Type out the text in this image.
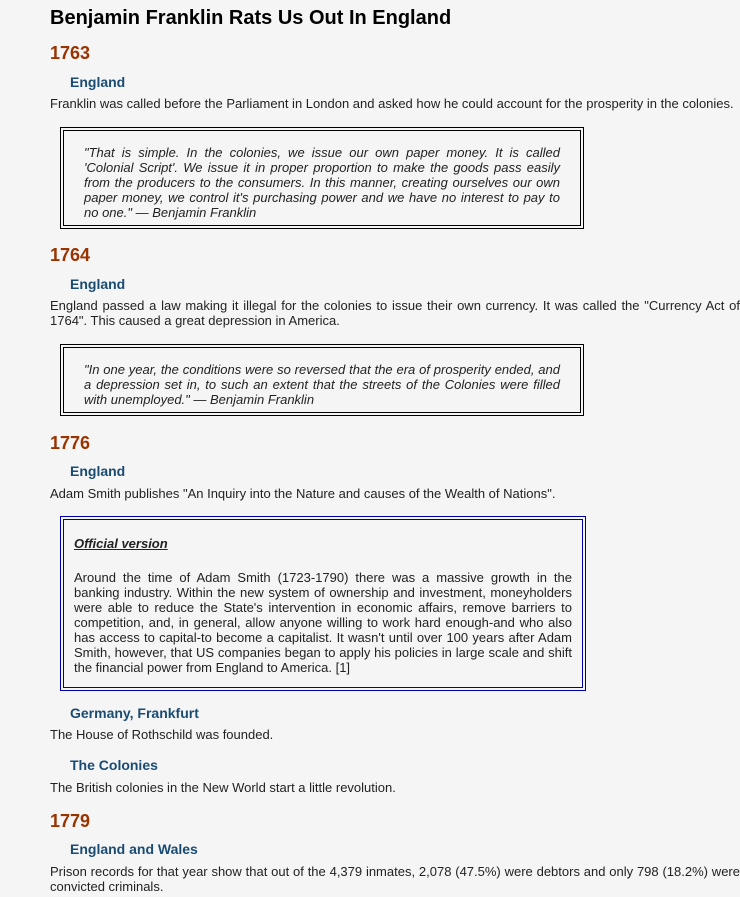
Benjamin Franklin Rats Us Out In England
1763
England

Franklin was called before the Parliament in London and asked how he could account for the prosperity in the colonies.

"That is simple. In the colonies, we issue our own paper money. It is called 'Colonial Script'. We issue it in proper proportion to make the goods pass easily from the producers to the consumers. In this manner, creating ourselves our own paper money, we control it's purchasing power and we have no interest to pay to no one." — Benjamin Franklin
1764
England

England passed a law making it illegal for the colonies to issue their own currency. It was called the "Currency Act of 1764". This caused a great depression in America.

"In one year, the conditions were so reversed that the era of prosperity ended, and a depression set in, to such an extent that the streets of the Colonies were filled with unemployed." — Benjamin Franklin
1776
England

Adam Smith publishes "An Inquiry into the Nature and causes of the Wealth of Nations".

Official version

Around the time of Adam Smith (1723-1790) there was a massive growth in the banking industry. Within the new system of ownership and investment, moneyholders were able to reduce the State's intervention in economic affairs, remove barriers to competition, and, in general, allow anyone willing to work hard enough-and who also has access to capital-to become a capitalist. It wasn't until over 100 years after Adam Smith, however, that US companies began to apply his policies in large scale and shift the financial power from England to America. [1]

Germany, Frankfurt

The House of Rothschild was founded.

The Colonies

The British colonies in the New World start a little revolution.

1779
England and Wales

Prison records for that year show that out of the 4,379 inmates, 2,078 (47.5%) were debtors and only 798 (18.2%) were convicted criminals.
